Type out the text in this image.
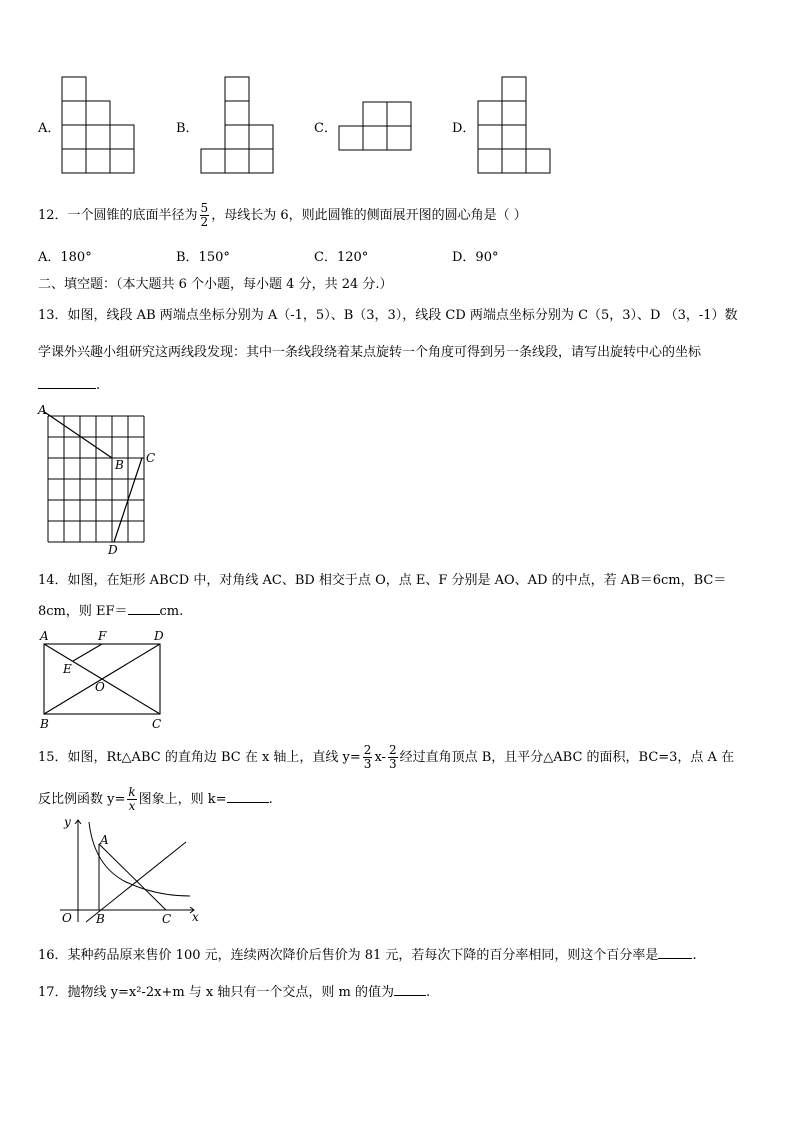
A．	B．	C．	D．
12．一个圆锥的底面半径为 $\frac{5}{2}$ ，母线长为 6，则此圆锥的侧面展开图的圆心角是（ ）
A．180°	B．150°	C．120°	D．90°
二、填空题：（本大题共 6 个小题，每小题 4 分，共 24 分.）
13．如图，线段 AB 两端点坐标分别为 A（-1，5）、B（3，3），线段 CD 两端点坐标分别为 C（5，3）、D （3，-1）数
学课外兴趣小组研究这两线段发现：其中一条线段绕着某点旋转一个角度可得到另一条线段，请写出旋转中心的坐标
.
A
B C
D
14．如图，在矩形 ABCD 中，对角线 AC、BD 相交于点 O，点 E、F 分别是 AO、AD 的中点，若 AB＝6cm，BC＝
8cm，则 EF＝ cm.
A	F	D
E
O
B	C
15．如图，Rt△ABC 的直角边 BC 在 x 轴上，直线 $y= \frac{2}{3} x- \frac{2}{3}$ 经过直角顶点 B，且平分△ABC 的面积，BC=3，点 A 在
反比例函数 $y= \frac{k}{x}$ 图象上，则 k=	.
y
x
A
O B	C
16．某种药品原来售价 100 元，连续两次降价后售价为 81 元，若每次下降的百分率相同，则这个百分率是	.
17．抛物线 y=x²-2x+m 与 x 轴只有一个交点，则 m 的值为 .
